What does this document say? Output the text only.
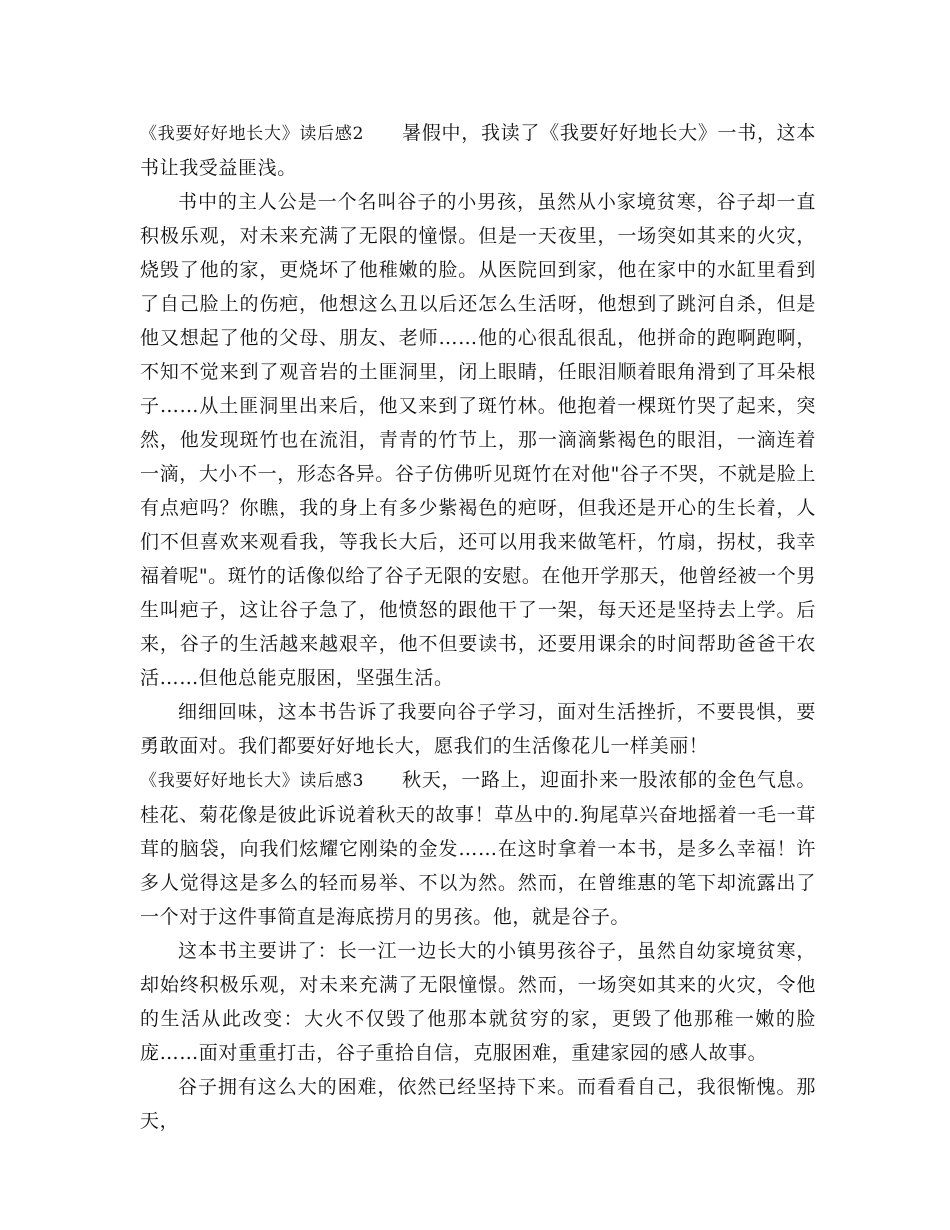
《我要好好地长大》读后感2 暑假中，我读了《我要好好地长大》一书，这本书让我受益匪浅。

书中的主人公是一个名叫谷子的小男孩，虽然从小家境贫寒，谷子却一直积极乐观，对未来充满了无限的憧憬。但是一天夜里，一场突如其来的火灾，烧毁了他的家，更烧坏了他稚嫩的脸。从医院回到家，他在家中的水缸里看到了自己脸上的伤疤，他想这么丑以后还怎么生活呀，他想到了跳河自杀，但是他又想起了他的父母、朋友、老师……他的心很乱很乱，他拼命的跑啊跑啊，不知不觉来到了观音岩的土匪洞里，闭上眼睛，任眼泪顺着眼角滑到了耳朵根子……从土匪洞里出来后，他又来到了斑竹林。他抱着一棵斑竹哭了起来，突然，他发现斑竹也在流泪，青青的竹节上，那一滴滴紫褐色的眼泪，一滴连着一滴，大小不一，形态各异。谷子仿佛听见斑竹在对他"谷子不哭，不就是脸上有点疤吗？你瞧，我的身上有多少紫褐色的疤呀，但我还是开心的生长着，人们不但喜欢来观看我，等我长大后，还可以用我来做笔杆，竹扇，拐杖，我幸福着呢"。斑竹的话像似给了谷子无限的安慰。在他开学那天，他曾经被一个男生叫疤子，这让谷子急了，他愤怒的跟他干了一架，每天还是坚持去上学。后来，谷子的生活越来越艰辛，他不但要读书，还要用课余的时间帮助爸爸干农活……但他总能克服困，坚强生活。

细细回味，这本书告诉了我要向谷子学习，面对生活挫折，不要畏惧，要勇敢面对。我们都要好好地长大，愿我们的生活像花儿一样美丽！

《我要好好地长大》读后感3 秋天，一路上，迎面扑来一股浓郁的金色气息。桂花、菊花像是彼此诉说着秋天的故事！草丛中的.狗尾草兴奋地摇着一毛一茸茸的脑袋，向我们炫耀它刚染的金发……在这时拿着一本书，是多么幸福！许多人觉得这是多么的轻而易举、不以为然。然而，在曾维惠的笔下却流露出了一个对于这件事简直是海底捞月的男孩。他，就是谷子。

这本书主要讲了：长一江一边长大的小镇男孩谷子，虽然自幼家境贫寒，却始终积极乐观，对未来充满了无限憧憬。然而，一场突如其来的火灾，令他的生活从此改变：大火不仅毁了他那本就贫穷的家，更毁了他那稚一嫩的脸庞……面对重重打击，谷子重拾自信，克服困难，重建家园的感人故事。

谷子拥有这么大的困难，依然已经坚持下来。而看看自己，我很惭愧。那天，
